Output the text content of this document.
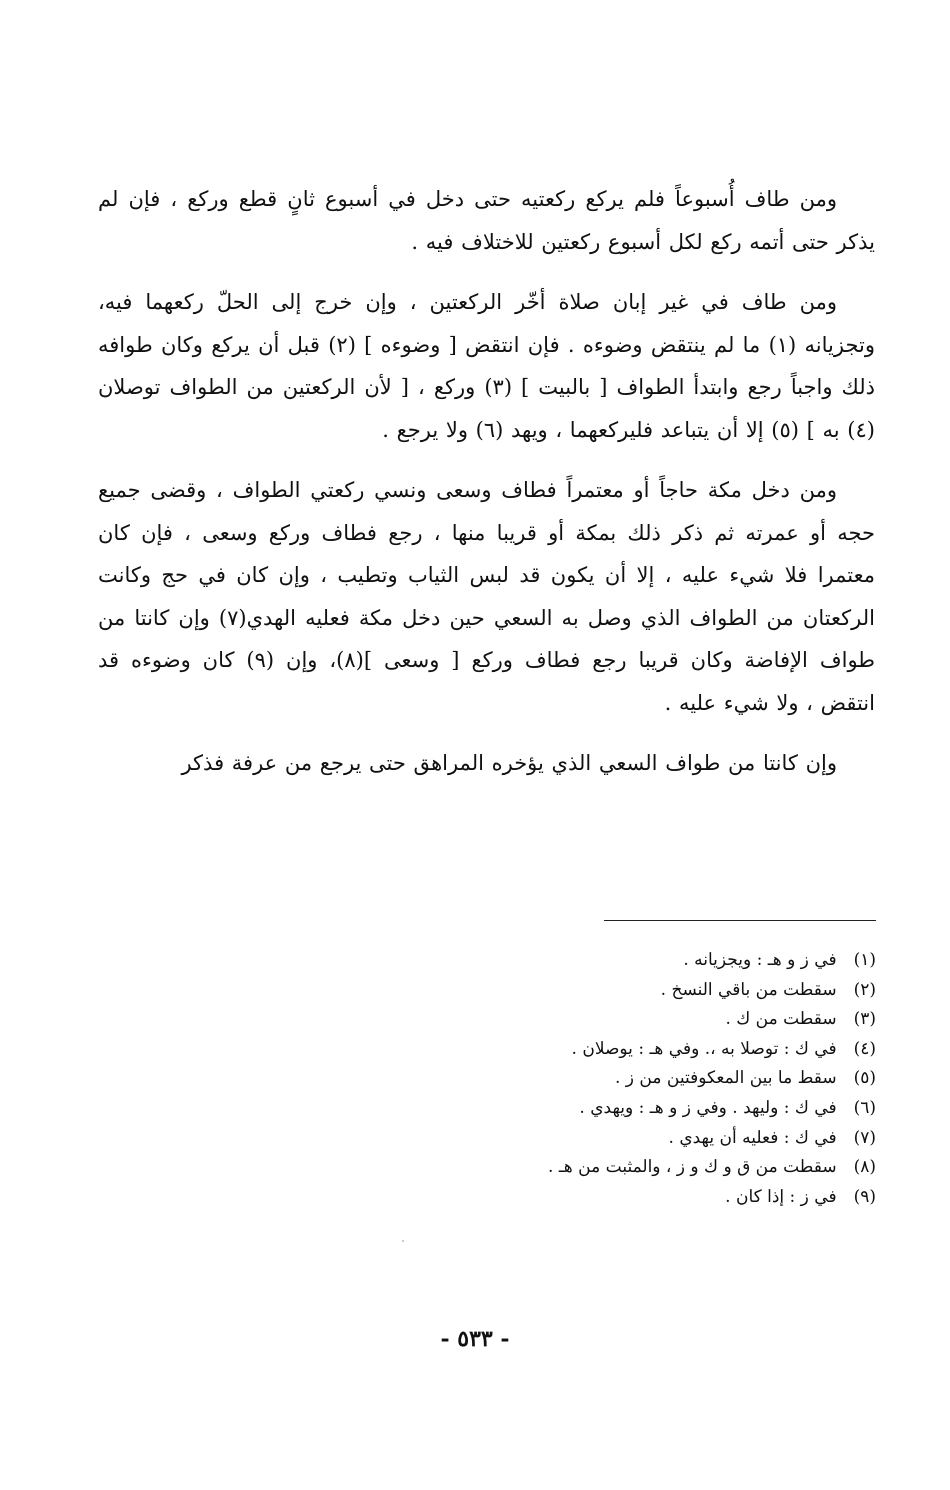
ومن طاف أُسبوعاً فلم يركع ركعتيه حتى دخل في أسبوع ثانٍ قطع وركع ، فإن لم يذكر حتى أتمه ركع لكل أسبوع ركعتين للاختلاف فيه .

ومن طاف في غير إبان صلاة أخّر الركعتين ، وإن خرج إلى الحلّ ركعهما فيه، وتجزيانه (١) ما لم ينتقض وضوءه . فإن انتقض [ وضوءه ] (٢) قبل أن يركع وكان طوافه ذلك واجباً رجع وابتدأ الطواف [ بالبيت ] (٣) وركع ، [ لأن الركعتين من الطواف توصلان (٤) به ] (٥) إلا أن يتباعد فليركعهما ، ويهد (٦) ولا يرجع .

ومن دخل مكة حاجاً أو معتمراً فطاف وسعى ونسي ركعتي الطواف ، وقضى جميع حجه أو عمرته ثم ذكر ذلك بمكة أو قريبا منها ، رجع فطاف وركع وسعى ، فإن كان معتمرا فلا شيء عليه ، إلا أن يكون قد لبس الثياب وتطيب ، وإن كان في حج وكانت الركعتان من الطواف الذي وصل به السعي حين دخل مكة فعليه الهدي(٧) وإن كانتا من طواف الإفاضة وكان قريبا رجع فطاف وركع [ وسعى ](٨)، وإن (٩) كان وضوءه قد انتقض ، ولا شيء عليه .

وإن كانتا من طواف السعي الذي يؤخره المراهق حتى يرجع من عرفة فذكر

(١) في ز و هـ : ويجزيانه .
(٢) سقطت من باقي النسخ .
(٣) سقطت من ك .
(٤) في ك : توصلا به ،. وفي هـ : يوصلان .
(٥) سقط ما بين المعكوفتين من ز .
(٦) في ك : وليهد . وفي ز و هـ : ويهدي .
(٧) في ك : فعليه أن يهدي .
(٨) سقطت من ق و ك و ز ، والمثبت من هـ .
(٩) في ز : إذا كان .
- ٥٣٣ -
